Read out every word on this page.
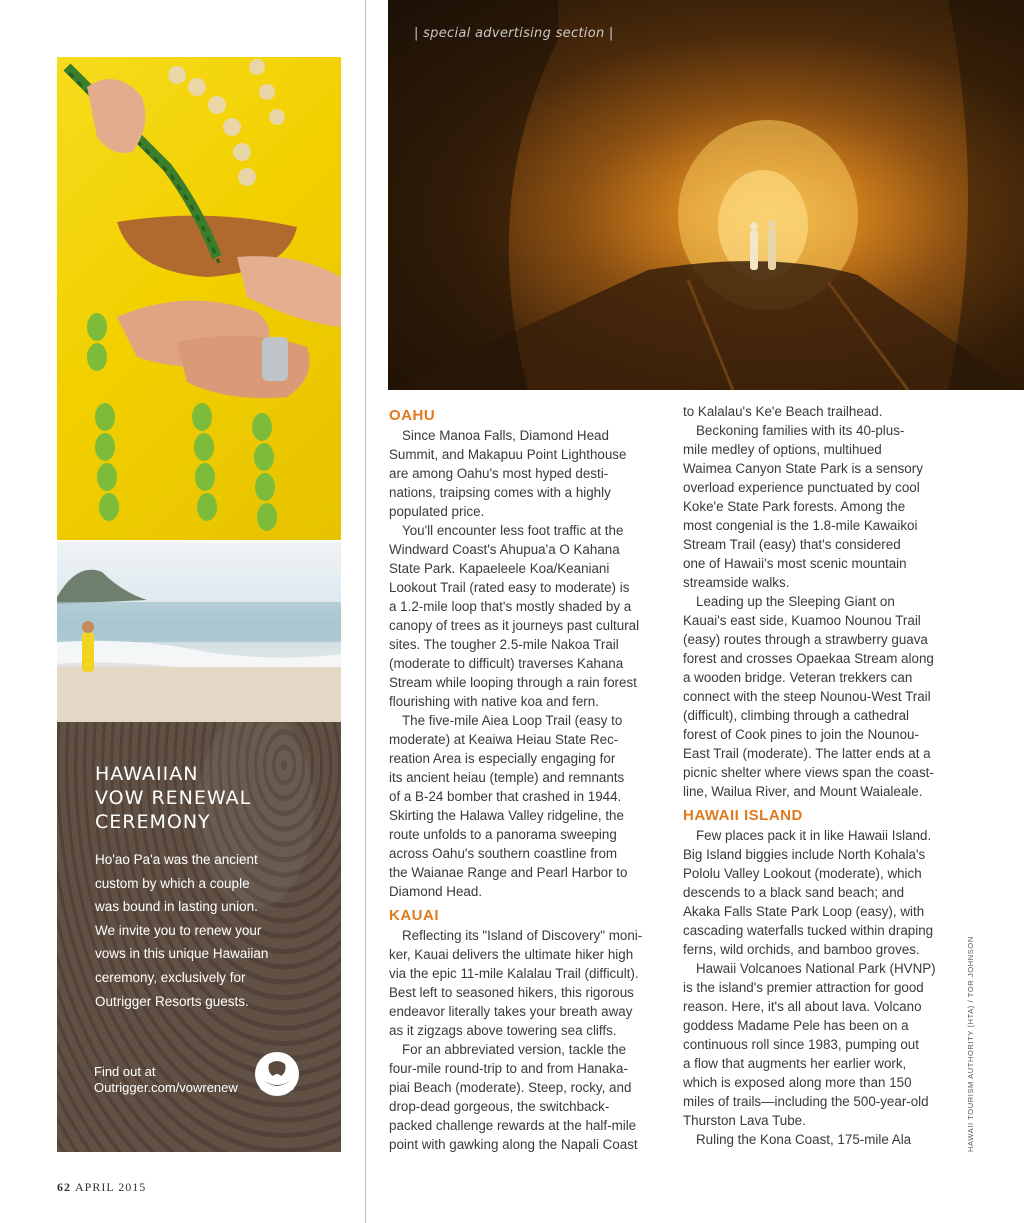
HAWAIIAN
VOW RENEWAL
CEREMONY
Ho'ao Pa'a was the ancient
custom by which a couple
was bound in lasting union.
We invite you to renew your
vows in this unique Hawaiian
ceremony, exclusively for
Outrigger Resorts guests.
Find out at
Outrigger.com/vowrenew
62 APRIL 2015
| special advertising section |
OAHU

Since Manoa Falls, Diamond Head
Summit, and Makapuu Point Lighthouse
are among Oahu's most hyped desti-
nations, traipsing comes with a highly
populated price.

You'll encounter less foot traffic at the
Windward Coast's Ahupua'a O Kahana
State Park. Kapaeleele Koa/Keaniani
Lookout Trail (rated easy to moderate) is
a 1.2-mile loop that's mostly shaded by a
canopy of trees as it journeys past cultural
sites. The tougher 2.5-mile Nakoa Trail
(moderate to difficult) traverses Kahana
Stream while looping through a rain forest
flourishing with native koa and fern.

The five-mile Aiea Loop Trail (easy to
moderate) at Keaiwa Heiau State Rec-
reation Area is especially engaging for
its ancient heiau (temple) and remnants
of a B-24 bomber that crashed in 1944.
Skirting the Halawa Valley ridgeline, the
route unfolds to a panorama sweeping
across Oahu's southern coastline from
the Waianae Range and Pearl Harbor to
Diamond Head.

KAUAI

Reflecting its "Island of Discovery" moni-
ker, Kauai delivers the ultimate hiker high
via the epic 11-mile Kalalau Trail (difficult).
Best left to seasoned hikers, this rigorous
endeavor literally takes your breath away
as it zigzags above towering sea cliffs.

For an abbreviated version, tackle the
four-mile round-trip to and from Hanaka-
piai Beach (moderate). Steep, rocky, and
drop-dead gorgeous, the switchback-
packed challenge rewards at the half-mile
point with gawking along the Napali Coast

to Kalalau's Ke'e Beach trailhead.

Beckoning families with its 40-plus-
mile medley of options, multihued
Waimea Canyon State Park is a sensory
overload experience punctuated by cool
Koke'e State Park forests. Among the
most congenial is the 1.8-mile Kawaikoi
Stream Trail (easy) that's considered
one of Hawaii's most scenic mountain
streamside walks.

Leading up the Sleeping Giant on
Kauai's east side, Kuamoo Nounou Trail
(easy) routes through a strawberry guava
forest and crosses Opaekaa Stream along
a wooden bridge. Veteran trekkers can
connect with the steep Nounou-West Trail
(difficult), climbing through a cathedral
forest of Cook pines to join the Nounou-
East Trail (moderate). The latter ends at a
picnic shelter where views span the coast-
line, Wailua River, and Mount Waialeale.

HAWAII ISLAND

Few places pack it in like Hawaii Island.
Big Island biggies include North Kohala's
Pololu Valley Lookout (moderate), which
descends to a black sand beach; and
Akaka Falls State Park Loop (easy), with
cascading waterfalls tucked within draping
ferns, wild orchids, and bamboo groves.

Hawaii Volcanoes National Park (HVNP)
is the island's premier attraction for good
reason. Here, it's all about lava. Volcano
goddess Madame Pele has been on a
continuous roll since 1983, pumping out
a flow that augments her earlier work,
which is exposed along more than 150
miles of trails—including the 500-year-old
Thurston Lava Tube.

Ruling the Kona Coast, 175-mile Ala	HAWAII TOURISM AUTHORITY (HTA) / TOR JOHNSON
